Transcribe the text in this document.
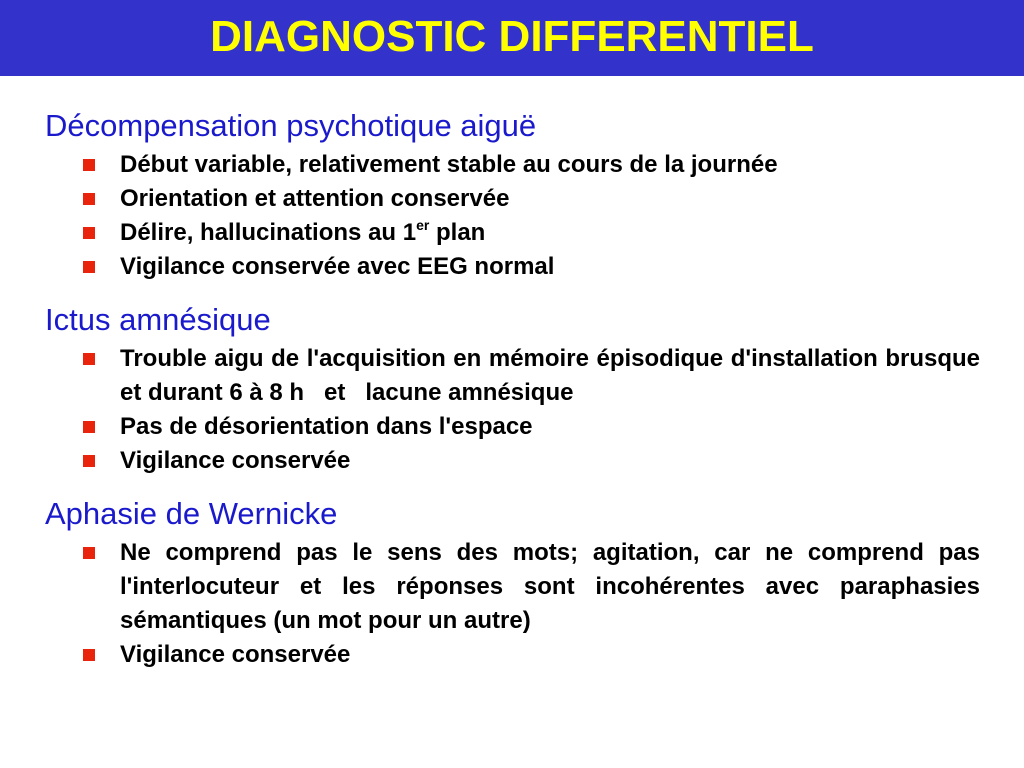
DIAGNOSTIC DIFFERENTIEL
Décompensation psychotique aiguë
Début variable, relativement stable au cours de la journée
Orientation et attention conservée
Délire, hallucinations au 1er plan
Vigilance conservée avec EEG normal
Ictus amnésique
Trouble aigu de l'acquisition en mémoire épisodique d'installation brusque et durant 6 à 8 h   et   lacune amnésique
Pas de désorientation dans l'espace
Vigilance conservée
Aphasie de Wernicke
Ne comprend pas le sens des mots; agitation, car ne comprend pas l'interlocuteur et les réponses sont incohérentes avec paraphasies sémantiques (un mot pour un autre)
Vigilance conservée
